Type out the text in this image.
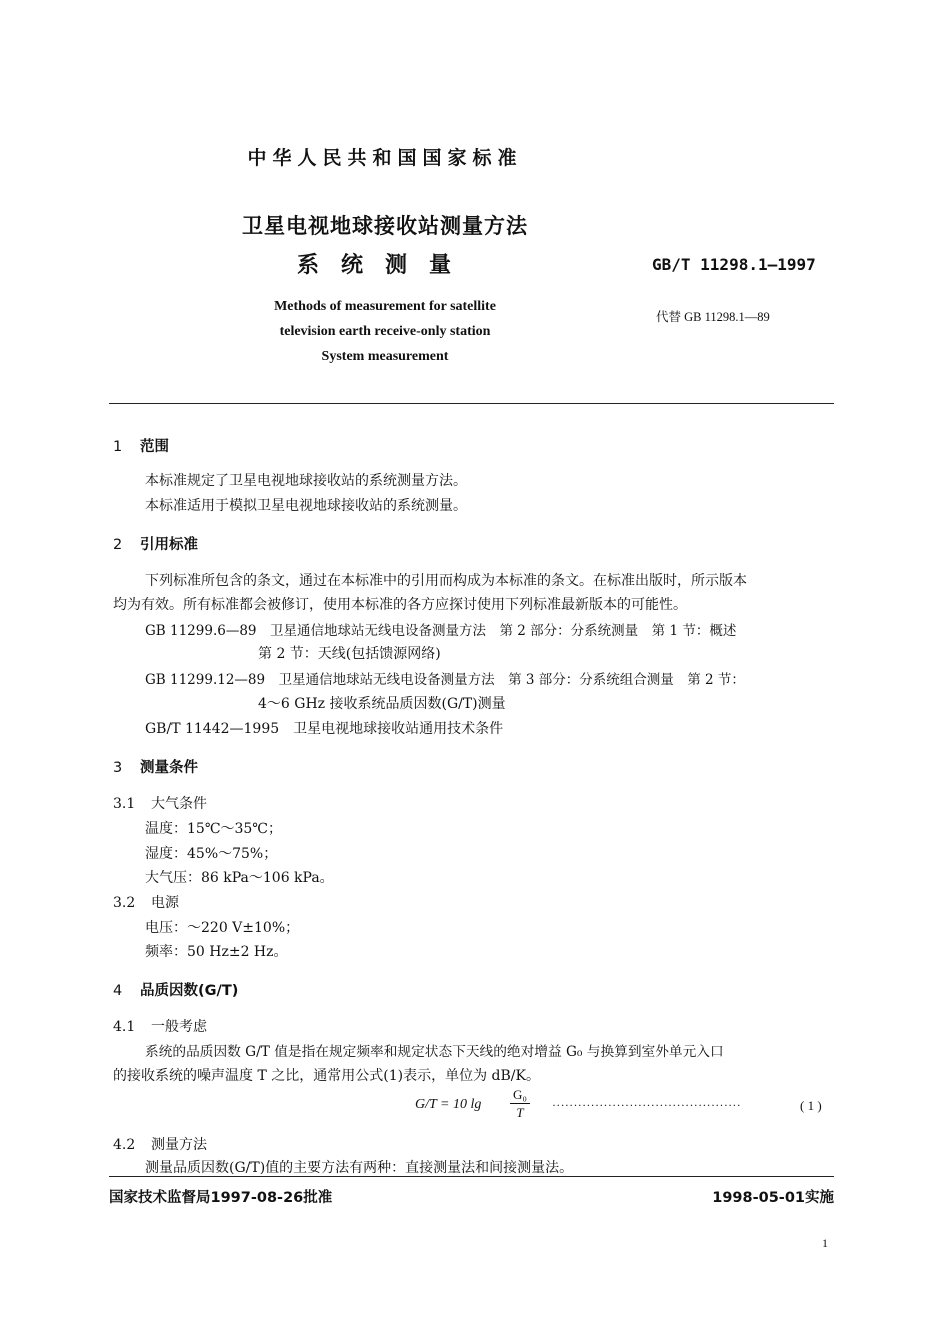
中华人民共和国国家标准
卫星电视地球接收站测量方法
系统测量	GB/T 11298.1—1997
Methods of measurement for satellite
television earth receive-only station
System measurement
代替 GB 11298.1—89
1 范围
本标准规定了卫星电视地球接收站的系统测量方法。
本标准适用于模拟卫星电视地球接收站的系统测量。
2 引用标准
下列标准所包含的条文，通过在本标准中的引用而构成为本标准的条文。在标准出版时，所示版本
均为有效。所有标准都会被修订，使用本标准的各方应探讨使用下列标准最新版本的可能性。
GB 11299.6—89　卫星通信地球站无线电设备测量方法　第 2 部分：分系统测量　第 1 节：概述
第 2 节：天线(包括馈源网络)
GB 11299.12—89　卫星通信地球站无线电设备测量方法　第 3 部分：分系统组合测量　第 2 节：
4～6 GHz 接收系统品质因数(G/T)测量
GB/T 11442—1995　卫星电视地球接收站通用技术条件
3 测量条件
3.1 大气条件
温度：15℃～35℃；
湿度：45%～75%；
大气压：86 kPa～106 kPa。
3.2 电源
电压：～220 V±10%；
频率：50 Hz±2 Hz。
4 品质因数(G/T)
4.1 一般考虑
系统的品质因数 G/T 值是指在规定频率和规定状态下天线的绝对增益 G₀ 与换算到室外单元入口
的接收系统的噪声温度 T 之比，通常用公式(1)表示，单位为 dB/K。
G/T = 10 lg
G₀
T	············································	( 1 )
4.2 测量方法
测量品质因数(G/T)值的主要方法有两种：直接测量法和间接测量法。
国家技术监督局1997-08-26批准	1998-05-01实施
1
